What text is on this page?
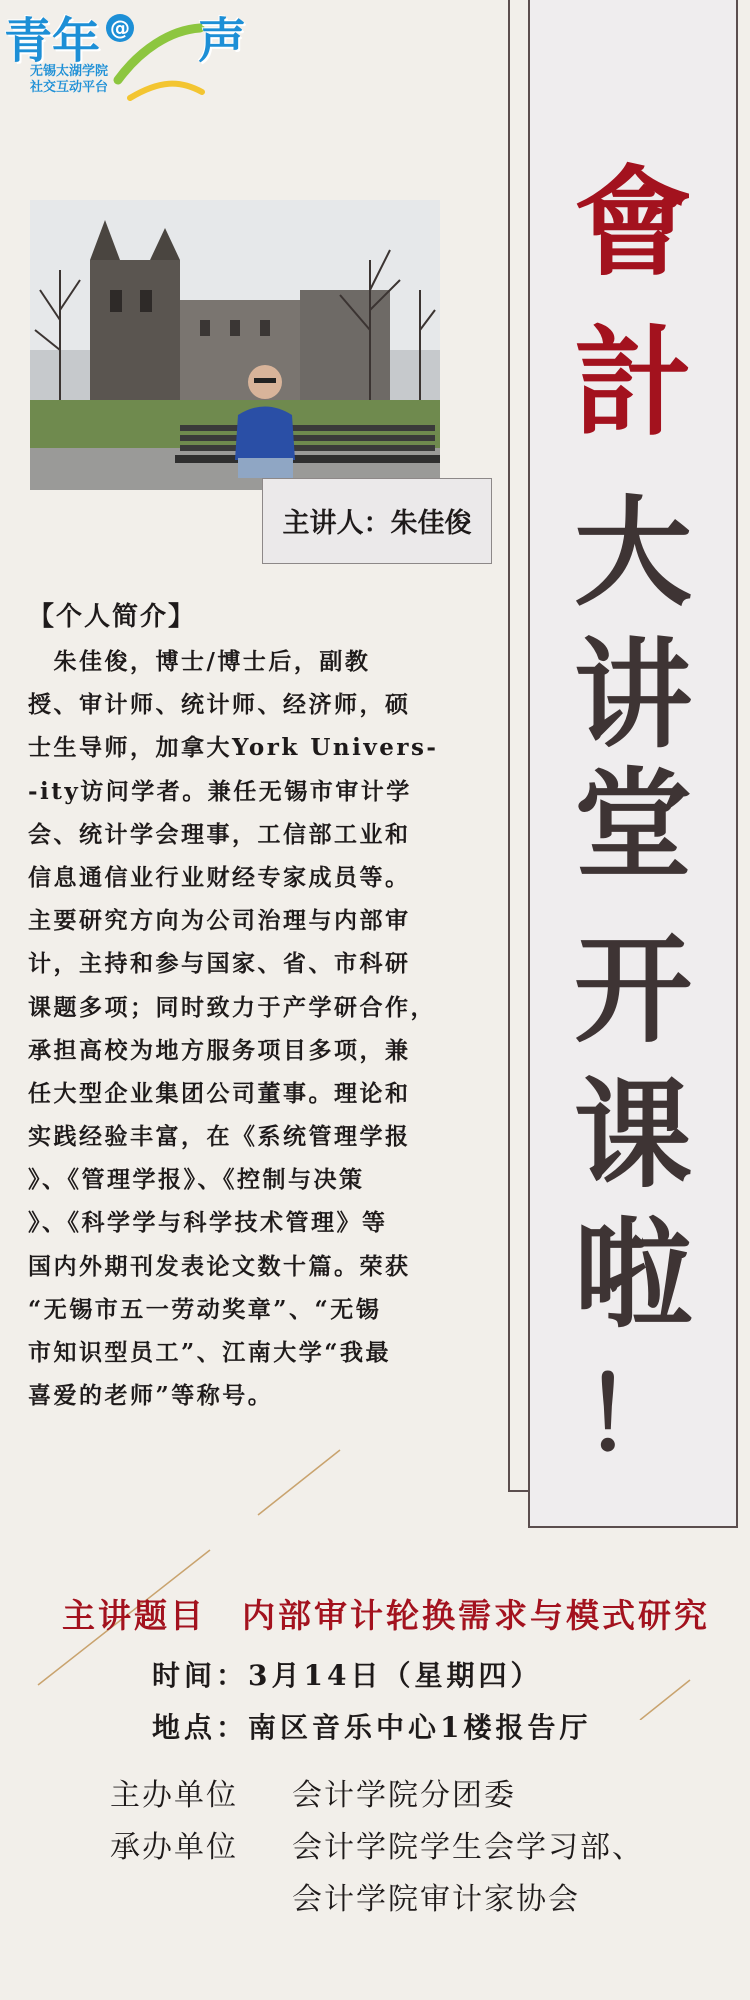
青年 @ 声
无锡太湖学院
社交互动平台
主讲人：朱佳俊
會
計
大
讲
堂
开
课
啦
！
【个人简介】
　朱佳俊，博士/博士后，副教
授、审计师、统计师、经济师，硕
士生导师，加拿大York Univers-
-ity访问学者。兼任无锡市审计学
会、统计学会理事，工信部工业和
信息通信业行业财经专家成员等。
主要研究方向为公司治理与内部审
计，主持和参与国家、省、市科研
课题多项；同时致力于产学研合作，
承担高校为地方服务项目多项，兼
任大型企业集团公司董事。理论和
实践经验丰富，在《系统管理学报
》、《管理学报》、《控制与决策
》、《科学学与科学技术管理》等
国内外期刊发表论文数十篇。荣获
“无锡市五一劳动奖章”、“无锡
市知识型员工”、江南大学“我最
喜爱的老师”等称号。
主讲题目　内部审计轮换需求与模式研究
时间：3月14日（星期四）
地点：南区音乐中心1楼报告厅
主办单位 会计学院分团委
承办单位 会计学院学生会学习部、
会计学院审计家协会
